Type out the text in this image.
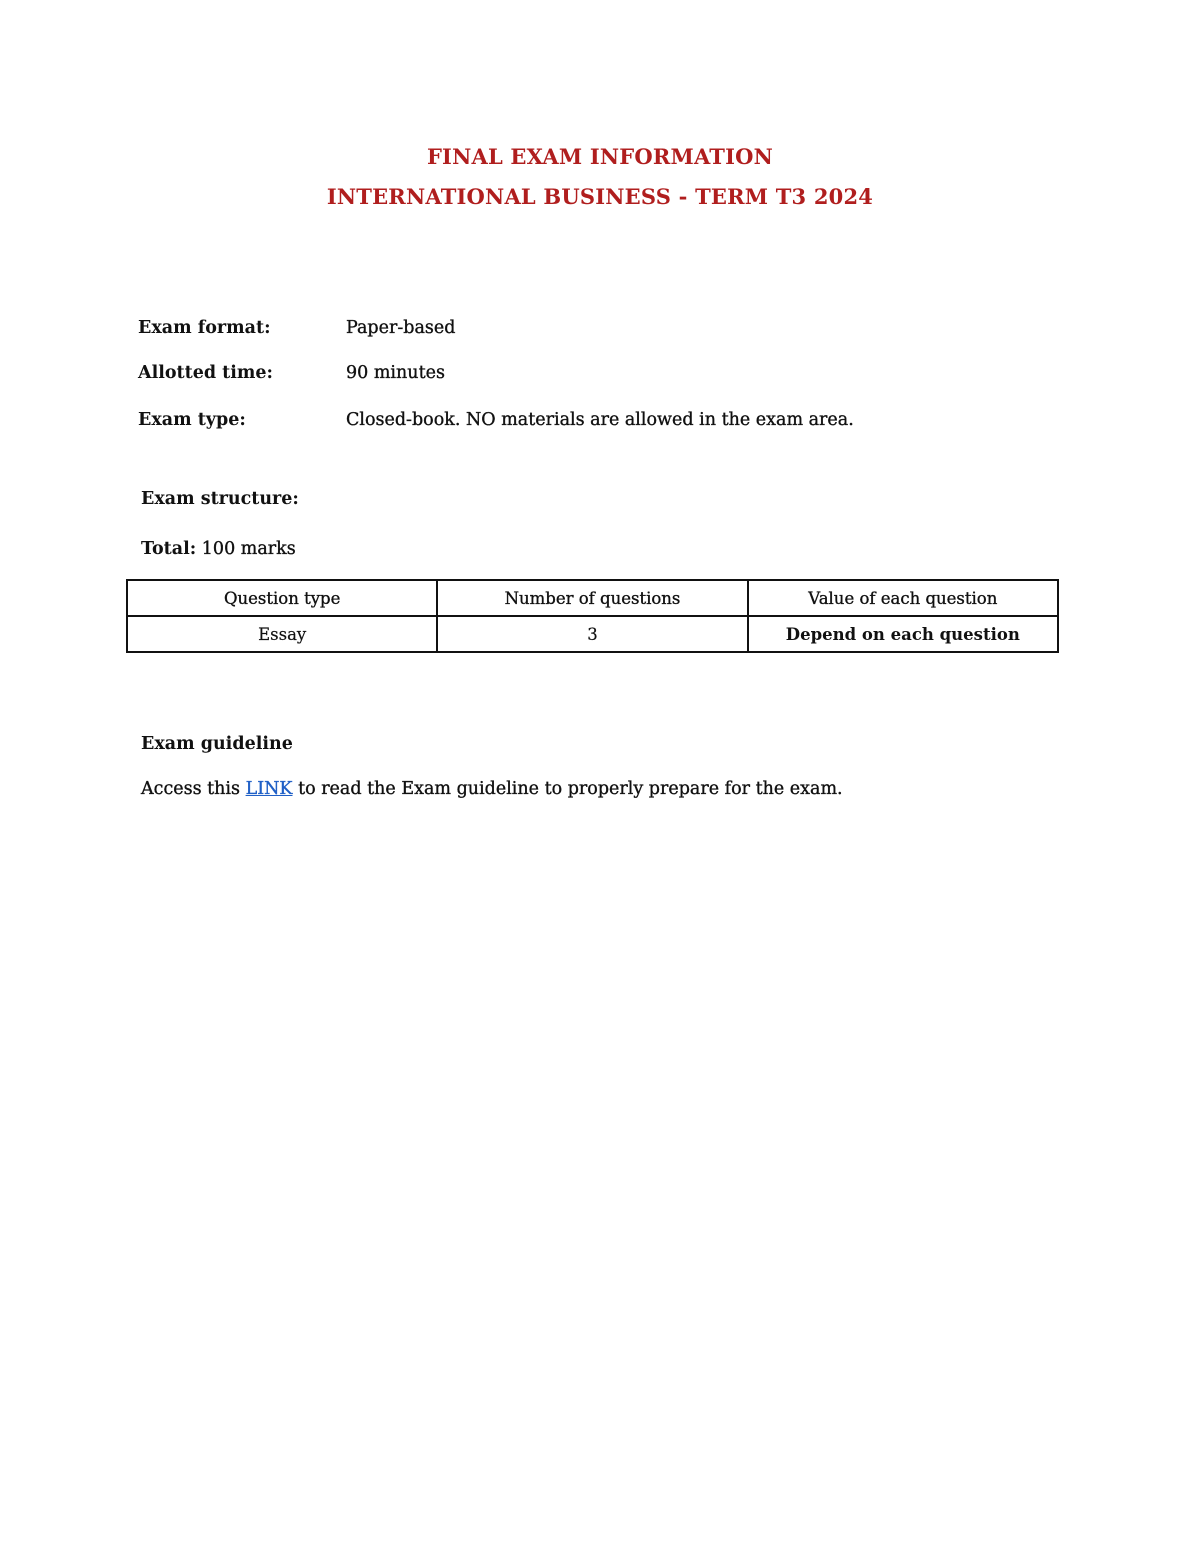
FINAL EXAM INFORMATION
INTERNATIONAL BUSINESS - TERM T3 2024
Exam format:	Paper-based
Allotted time:	90 minutes
Exam type:	Closed-book. NO materials are allowed in the exam area.
Exam structure:
Total: 100 marks
Question type	Number of questions	Value of each question
Essay	3	Depend on each question
Exam guideline

Access this LINK to read the Exam guideline to properly prepare for the exam.
